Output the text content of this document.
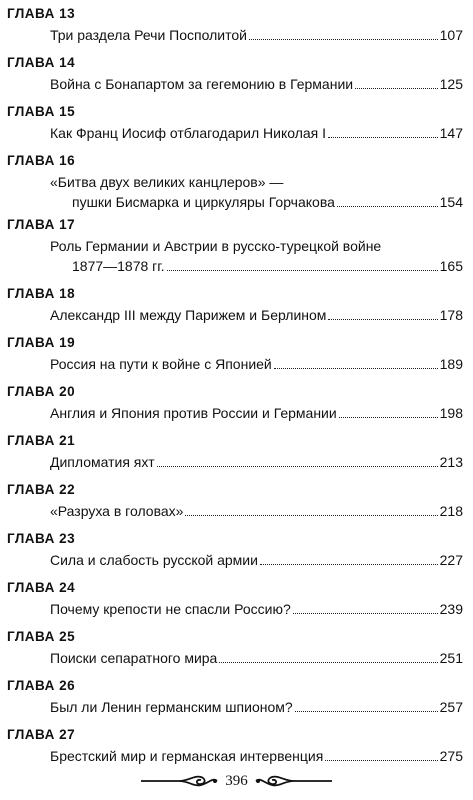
ГЛАВА 13
Три раздела Речи Посполитой	107
ГЛАВА 14
Война с Бонапартом за гегемонию в Германии	125
ГЛАВА 15
Как Франц Иосиф отблагодарил Николая I	147
ГЛАВА 16
«Битва двух великих канцлеров» —
пушки Бисмарка и циркуляры Горчакова	154
ГЛАВА 17
Роль Германии и Австрии в русско-турецкой войне
1877—1878 гг.	165
ГЛАВА 18
Александр III между Парижем и Берлином	178
ГЛАВА 19
Россия на пути к войне с Японией	189
ГЛАВА 20
Англия и Япония против России и Германии	198
ГЛАВА 21
Дипломатия яхт	213
ГЛАВА 22
«Разруха в головах»	218
ГЛАВА 23
Сила и слабость русской армии	227
ГЛАВА 24
Почему крепости не спасли Россию?	239
ГЛАВА 25
Поиски сепаратного мира	251
ГЛАВА 26
Был ли Ленин германским шпионом?	257
ГЛАВА 27
Брестский мир и германская интервенция	275
396
